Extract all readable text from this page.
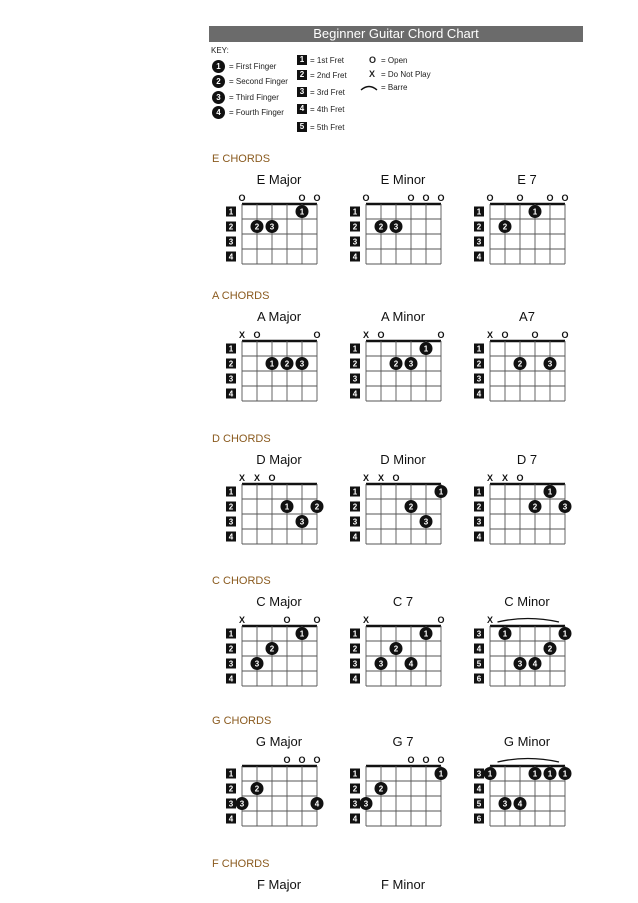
Beginner Guitar Chord Chart
KEY:
1	= First Finger
2	= Second Finger
3	= Third Finger
4	= Fourth Finger
1 = 1st Fret
2 = 2nd Fret
3 = 3rd Fret
4 = 4th Fret
5 = 5th Fret
O = Open
X = Do Not Play
= Barre
E CHORDS
E Major
O	O O
1
2
3
4
1
2 3
E Minor
O	O O O
1
2
3
4
2 3
E 7
O	O	O O
1
2
3
4
1
2
A CHORDS
A Major
X O	O
1
2
3
4
1 2 3
A Minor
X O	O
1
2
3
4
1
2 3
A7
X O	O	O
1
2
3
4
2	3
D CHORDS
D Major
X X O
1
2
3
4
1	2
3
D Minor
X X O
1
2
3
4
1
2
3
D 7
X X O
1
2
3
4
1
2	3
C CHORDS
C Major
X	O	O
1
2
3
4
1
2
3
C 7
X	O
1
2
3
4
1
2
3	4
C Minor
X
3
4
5
6
1	1
2
3 4
G CHORDS
G Major
O O O
1
2
3
4
2
3	4
G 7
O O O
1
2
3
4
1
2
3
G Minor
3
4
5
6
1	1 1 1
3 4
F CHORDS
F Major	F Minor
